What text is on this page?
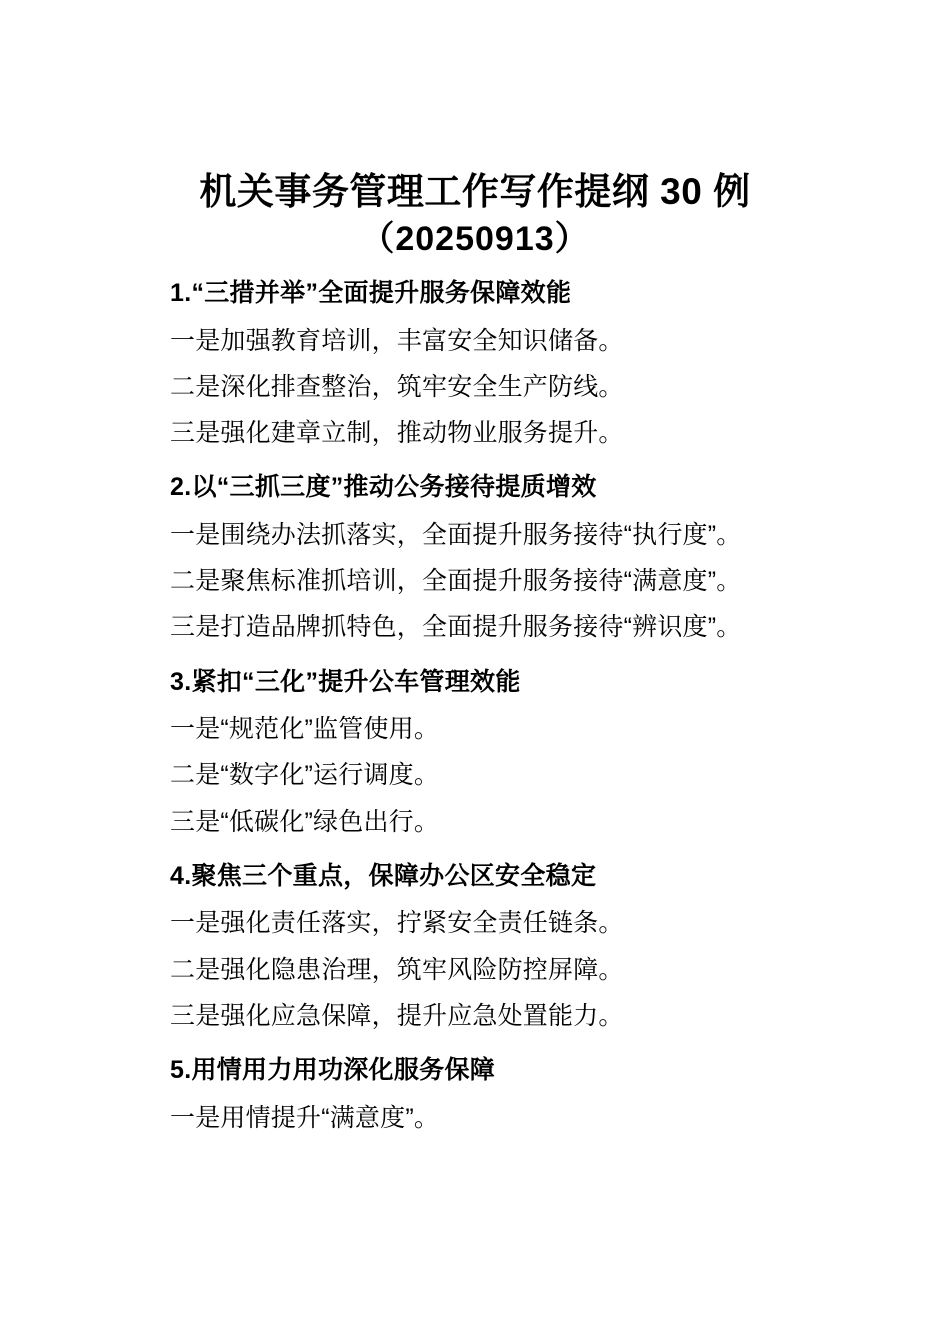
机关事务管理工作写作提纲 30 例
（20250913）
1.“三措并举”全面提升服务保障效能
一是加强教育培训，丰富安全知识储备。
二是深化排查整治，筑牢安全生产防线。
三是强化建章立制，推动物业服务提升。
2.以“三抓三度”推动公务接待提质增效
一是围绕办法抓落实，全面提升服务接待“执行度”。
二是聚焦标准抓培训，全面提升服务接待“满意度”。
三是打造品牌抓特色，全面提升服务接待“辨识度”。
3.紧扣“三化”提升公车管理效能
一是“规范化”监管使用。
二是“数字化”运行调度。
三是“低碳化”绿色出行。
4.聚焦三个重点，保障办公区安全稳定
一是强化责任落实，拧紧安全责任链条。
二是强化隐患治理，筑牢风险防控屏障。
三是强化应急保障，提升应急处置能力。
5.用情用力用功深化服务保障
一是用情提升“满意度”。
